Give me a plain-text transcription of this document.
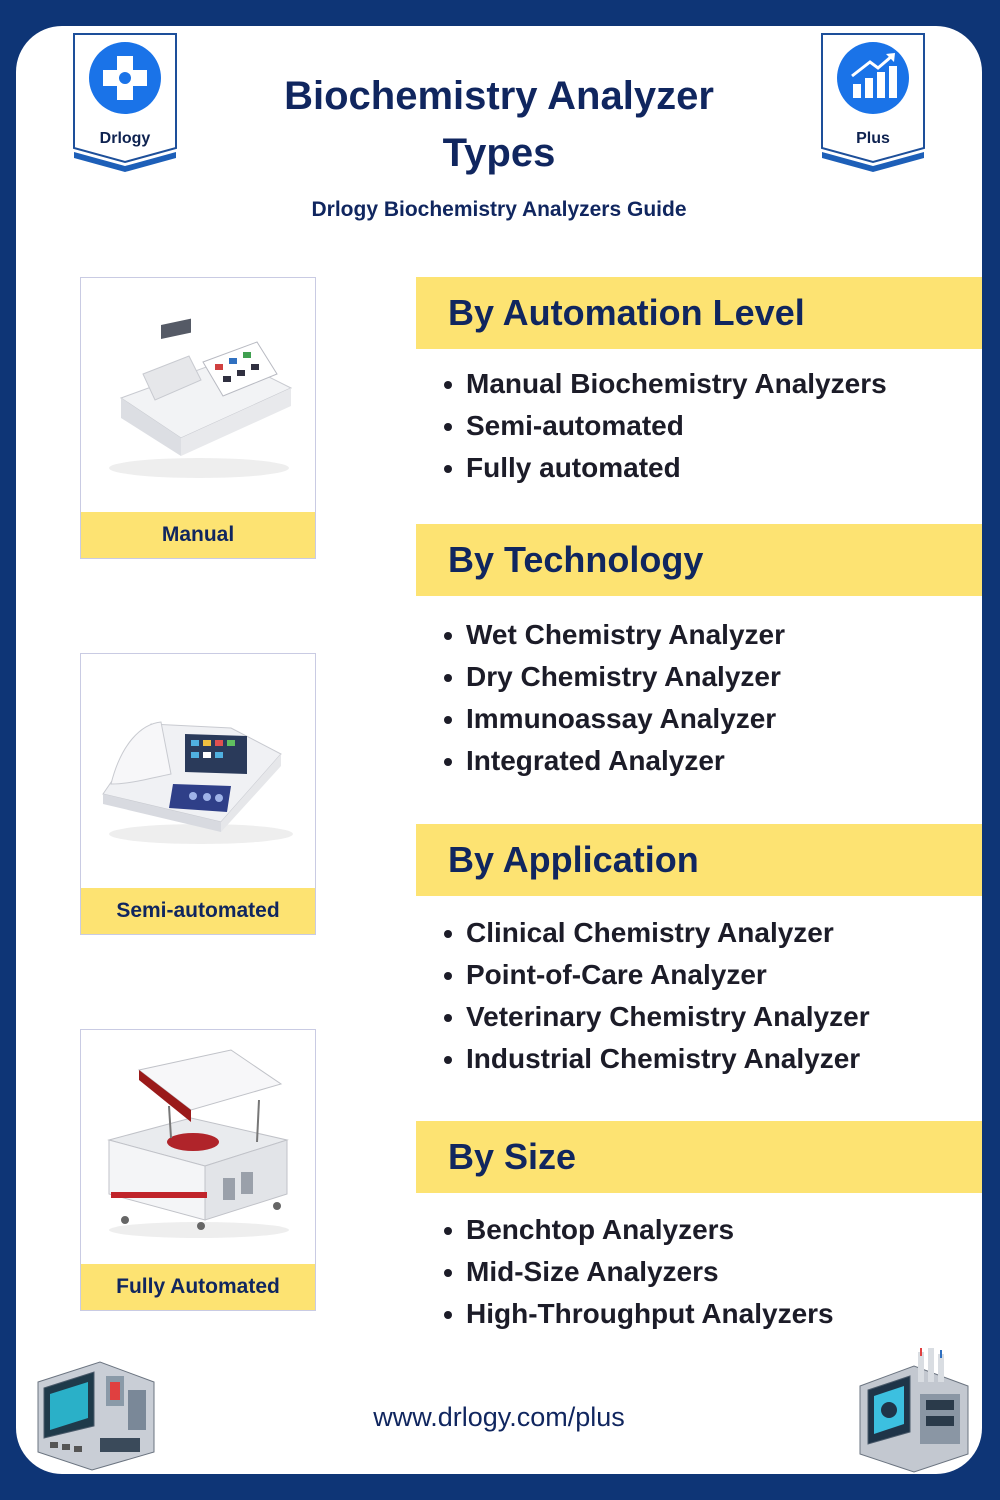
Drlogy	Plus
Biochemistry Analyzer
Types
Drlogy Biochemistry Analyzers Guide
Manual
Semi-automated
Fully Automated
By Automation Level
Manual Biochemistry Analyzers
Semi-automated
Fully automated
By Technology
Wet Chemistry Analyzer
Dry Chemistry Analyzer
Immunoassay Analyzer
Integrated Analyzer
By Application
Clinical Chemistry Analyzer
Point-of-Care Analyzer
Veterinary Chemistry Analyzer
Industrial Chemistry Analyzer
By Size
Benchtop Analyzers
Mid-Size Analyzers
High-Throughput Analyzers
www.drlogy.com/plus
